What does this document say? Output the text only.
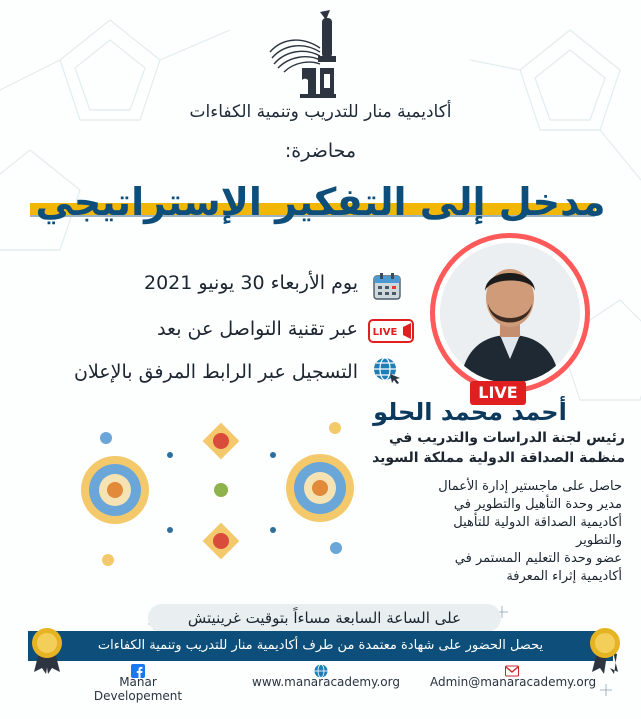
أكاديمية منار للتدريب وتنمية الكفاءات
محاضرة:
مدخل إلى التفكير الإستراتيجي
يوم الأربعاء 30 يونيو 2021
عبر تقنية التواصل عن بعد LIVE
التسجيل عبر الرابط المرفق بالإعلان
LIVE
أحمد محمد الحلو
رئيس لجنة الدراسات والتدريب في
منظمة الصداقة الدولية مملكة السويد
حاصل على ماجستير إدارة الأعمال
مدير وحدة التأهيل والتطوير في
أكاديمية الصداقة الدولية للتأهيل
والتطوير
عضو وحدة التعليم المستمر في
أكاديمية إثراء المعرفة
على الساعة السابعة مساءاً بتوقيت غرينيتش
يحصل الحضور على شهادة معتمدة من طرف أكاديمية منار للتدريب وتنمية الكفاءات
Manar Developement
www.manaracademy.org	Admin@manaracademy.org
